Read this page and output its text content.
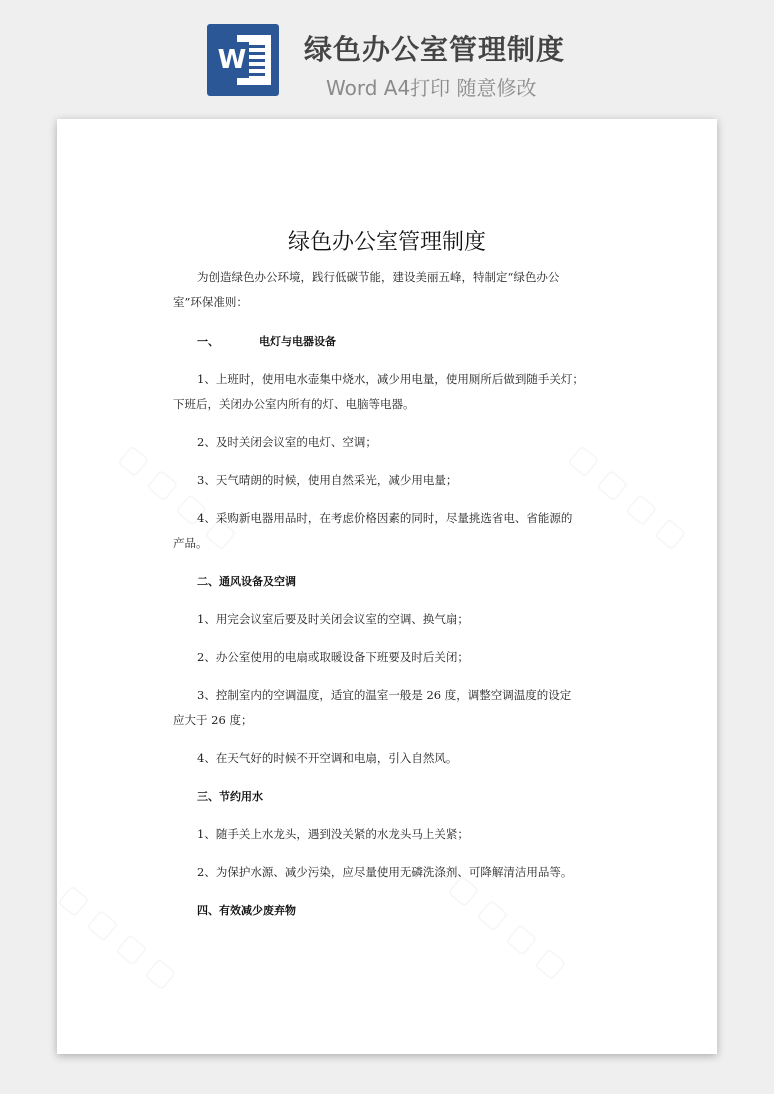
W 绿色办公室管理制度
Word A4打印 随意修改
绿色办公室管理制度

为创造绿色办公环境，践行低碳节能，建设美丽五峰，特制定“绿色办公

室”环保准则：

一、	电灯与电器设备

1、上班时，使用电水壶集中烧水，减少用电量，使用厕所后做到随手关灯；

下班后，关闭办公室内所有的灯、电脑等电器。

2、及时关闭会议室的电灯、空调；

3、天气晴朗的时候，使用自然采光，减少用电量；

4、采购新电器用品时，在考虑价格因素的同时，尽量挑选省电、省能源的

产品。

二、通风设备及空调

1、用完会议室后要及时关闭会议室的空调、换气扇；

2、办公室使用的电扇或取暖设备下班要及时后关闭；

3、控制室内的空调温度，适宜的温室一般是 26 度，调整空调温度的设定

应大于 26 度；

4、在天气好的时候不开空调和电扇，引入自然风。

三、节约用水

1、随手关上水龙头，遇到没关紧的水龙头马上关紧；

2、为保护水源、减少污染，应尽量使用无磷洗涤剂、可降解清洁用品等。

四、有效减少废弃物
